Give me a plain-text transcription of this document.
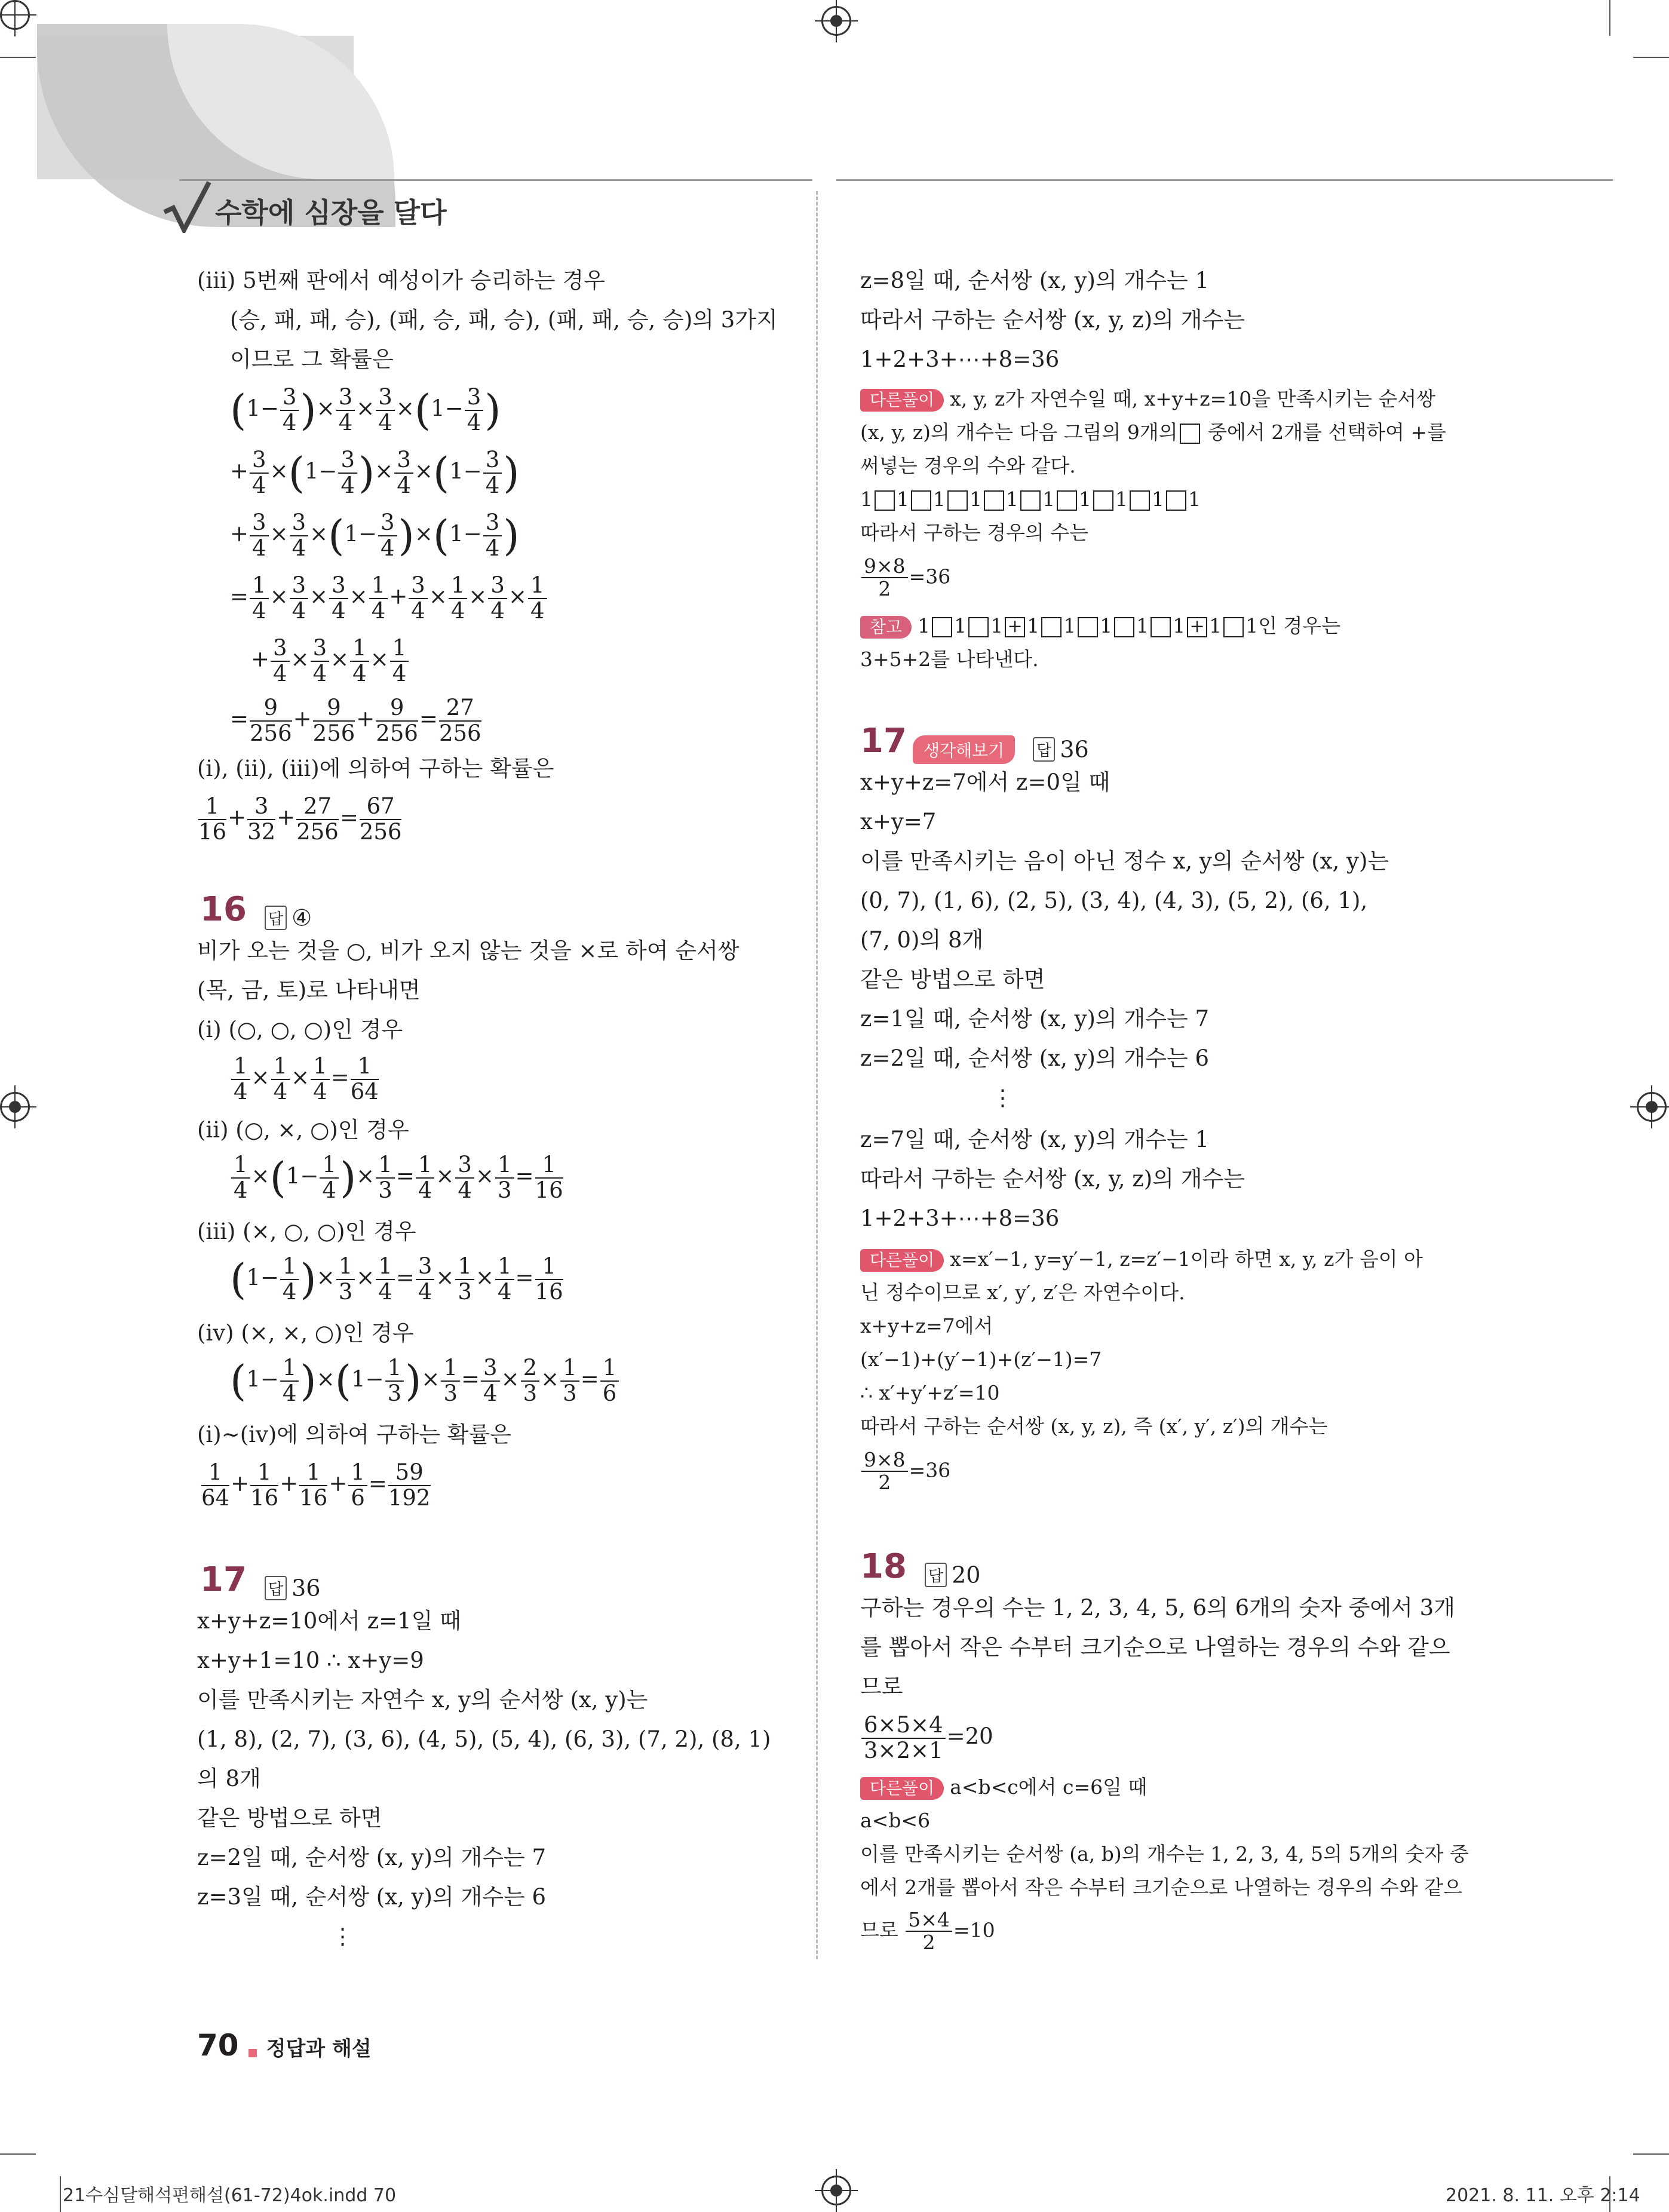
수학에 심장을 달다
(iii) 5번째 판에서 예성이가 승리하는 경우
(승, 패, 패, 승), (패, 승, 패, 승), (패, 패, 승, 승)의 3가지
이므로 그 확률은
($1- \frac{3}{4}$ )× $\frac{3}{4} \times \frac{3}{4} \times(1- \frac{3}{4}$ )
+ $\frac{3}{4} \times(1- \frac{3}{4}$ )× $\frac{3}{4} \times(1- \frac{3}{4}$ )
+ $\frac{3}{4} \times \frac{3}{4} \times(1- \frac{3}{4} )\times(1- \frac{3}{4}$ )
= $\frac{1}{4} \times \frac{3}{4} \times \frac{3}{4} \times \frac{1}{4} + \frac{3}{4} \times \frac{1}{4} \times \frac{3}{4} \times \frac{1}{4}$
+ $\frac{3}{4} \times \frac{3}{4} \times \frac{1}{4} \times \frac{1}{4}$
= $\frac{9}{256} + \frac{9}{256} + \frac{9}{256} = \frac{27}{256}$
(i), (ii), (iii)에 의하여 구하는 확률은
$\frac{1}{16} + \frac{3}{32} + \frac{27}{256} = \frac{67}{256}$
16 답 ④
비가 오는 것을 ○, 비가 오지 않는 것을 ×로 하여 순서쌍
(목, 금, 토)로 나타내면
(i) (○, ○, ○)인 경우
$\frac{1}{4} \times \frac{1}{4} \times \frac{1}{4} = \frac{1}{64}$
(ii) (○, ×, ○)인 경우
$\frac{1}{4} \times(1- \frac{1}{4}$ )× $\frac{1}{3} = \frac{1}{4} \times \frac{3}{4} \times \frac{1}{3} = \frac{1}{16}$
(iii) (×, ○, ○)인 경우
($1- \frac{1}{4}$ )× $\frac{1}{3} \times \frac{1}{4} = \frac{3}{4} \times \frac{1}{3} \times \frac{1}{4} = \frac{1}{16}$
(iv) (×, ×, ○)인 경우
$(1- \frac{1}{4} )\times(1- \frac{1}{3}$ )× $\frac{1}{3} = \frac{3}{4} \times \frac{2}{3} \times \frac{1}{3} = \frac{1}{6}$
(i)~(iv)에 의하여 구하는 확률은
$\frac{1}{64} + \frac{1}{16} + \frac{1}{16} + \frac{1}{6} = \frac{59}{192}$
17 답 36
x+y+z=10에서 z=1일 때
x+y+1=10 ∴ x+y=9
이를 만족시키는 자연수 x, y의 순서쌍 (x, y)는
(1, 8), (2, 7), (3, 6), (4, 5), (5, 4), (6, 3), (7, 2), (8, 1)
의 8개
같은 방법으로 하면
z=2일 때, 순서쌍 (x, y)의 개수는 7
z=3일 때, 순서쌍 (x, y)의 개수는 6
⋮
z=8일 때, 순서쌍 (x, y)의 개수는 1
따라서 구하는 순서쌍 (x, y, z)의 개수는
1+2+3+⋯+8=36
다른풀이 x, y, z가 자연수일 때, x+y+z=10을 만족시키는 순서쌍
(x, y, z)의 개수는 다음 그림의 9개의 중에서 2개를 선택하여 +를
써넣는 경우의 수와 같다.
1 1 1 1 1 1 1 1 1 1
따라서 구하는 경우의 수는
$\frac{9\times 8}{2} =36$
참고 1 1 1 + 1 1 1 1 1 + 1 1인 경우는
3+5+2를 나타낸다.
17 생각해보기 답 36
x+y+z=7에서 z=0일 때
x+y=7
이를 만족시키는 음이 아닌 정수 x, y의 순서쌍 (x, y)는
(0, 7), (1, 6), (2, 5), (3, 4), (4, 3), (5, 2), (6, 1),
(7, 0)의 8개
같은 방법으로 하면
z=1일 때, 순서쌍 (x, y)의 개수는 7
z=2일 때, 순서쌍 (x, y)의 개수는 6
⋮
z=7일 때, 순서쌍 (x, y)의 개수는 1
따라서 구하는 순서쌍 (x, y, z)의 개수는
1+2+3+⋯+8=36
다른풀이 x=x′−1, y=y′−1, z=z′−1이라 하면 x, y, z가 음이 아
닌 정수이므로 x′, y′, z′은 자연수이다.
x+y+z=7에서
(x′−1)+(y′−1)+(z′−1)=7
∴ x′+y′+z′=10
따라서 구하는 순서쌍 (x, y, z), 즉 (x′, y′, z′)의 개수는
$\frac{9\times 8}{2} =36$
18 답 20
구하는 경우의 수는 1, 2, 3, 4, 5, 6의 6개의 숫자 중에서 3개
를 뽑아서 작은 수부터 크기순으로 나열하는 경우의 수와 같으
므로
$\frac{6\times 5\times 4}{3\times 2\times 1} =20$
다른풀이 a<b<c에서 c=6일 때
a<b<6
이를 만족시키는 순서쌍 (a, b)의 개수는 1, 2, 3, 4, 5의 5개의 숫자 중
에서 2개를 뽑아서 작은 수부터 크기순으로 나열하는 경우의 수와 같으
므로 $\frac{5\times 4}{2} =10$
70 정답과 해설
21수심달해석편해설(61-72)4ok.indd 70	2021. 8. 11. 오후 2:14
